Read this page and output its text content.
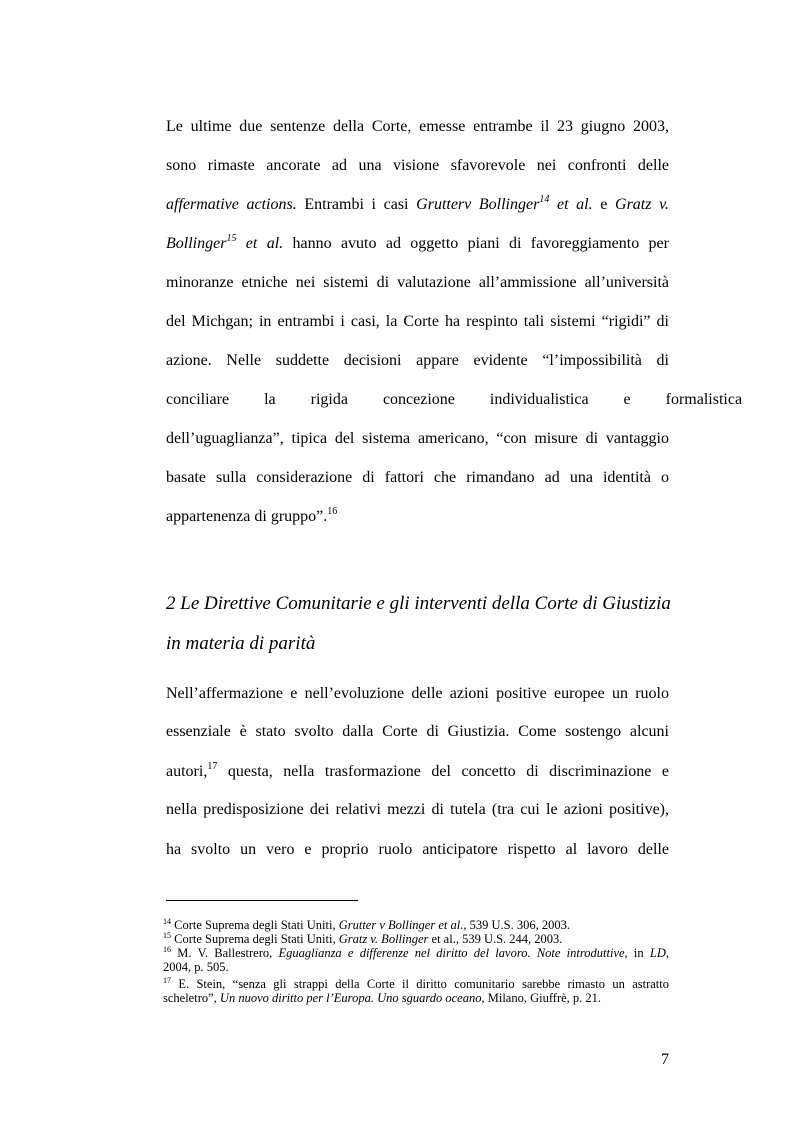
Le ultime due sentenze della Corte, emesse entrambe il 23 giugno 2003,
sono rimaste ancorate ad una visione sfavorevole nei confronti delle
affermative actions. Entrambi i casi Grutterv Bollinger$^{14}$ et al. e Gratz v.
Bollinger$^{15}$ et al. hanno avuto ad oggetto piani di favoreggiamento per
minoranze etniche nei sistemi di valutazione all’ammissione all’università
del Michgan; in entrambi i casi, la Corte ha respinto tali sistemi “rigidi” di
azione. Nelle suddette decisioni appare evidente “l’impossibilità di
conciliare la rigida concezione individualistica e formalistica
dell’uguaglianza”, tipica del sistema americano, “con misure di vantaggio
basate sulla considerazione di fattori che rimandano ad una identità o
appartenenza di gruppo”.$^{16}$
2 Le Direttive Comunitarie e gli interventi della Corte di Giustizia
in materia di parità
Nell’affermazione e nell’evoluzione delle azioni positive europee un ruolo
essenziale è stato svolto dalla Corte di Giustizia. Come sostengo alcuni
autori,$^{17}$ questa, nella trasformazione del concetto di discriminazione e
nella predisposizione dei relativi mezzi di tutela (tra cui le azioni positive),
ha svolto un vero e proprio ruolo anticipatore rispetto al lavoro delle
$^{14}$ Corte Suprema degli Stati Uniti, Grutter v Bollinger et al., 539 U.S. 306, 2003.
$^{15}$ Corte Suprema degli Stati Uniti, Gratz v. Bollinger et al., 539 U.S. 244, 2003.
$^{16}$ M. V. Ballestrero, Eguaglianza e differenze nel diritto del lavoro. Note introduttive, in LD,
2004, p. 505.
$^{17}$ E. Stein, “senza gli strappi della Corte il diritto comunitario sarebbe rimasto un astratto
scheletro”, Un nuovo diritto per l’Europa. Uno sguardo oceano, Milano, Giuffrè, p. 21.
7
